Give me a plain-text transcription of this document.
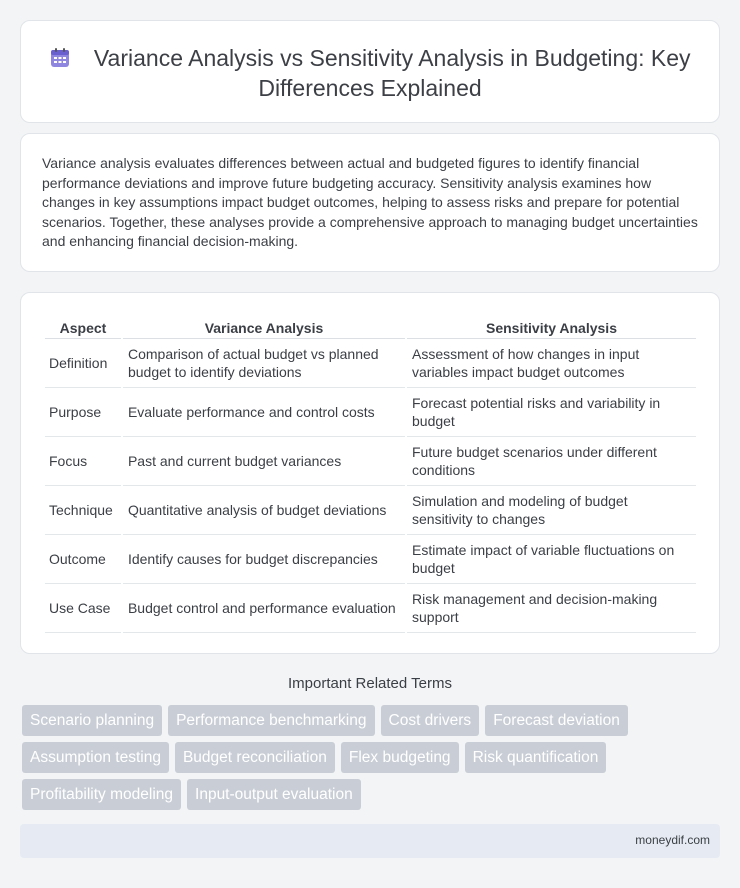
Variance Analysis vs Sensitivity Analysis in Budgeting: Key Differences Explained

Variance analysis evaluates differences between actual and budgeted figures to identify financial performance deviations and improve future budgeting accuracy. Sensitivity analysis examines how changes in key assumptions impact budget outcomes, helping to assess risks and prepare for potential scenarios. Together, these analyses provide a comprehensive approach to managing budget uncertainties and enhancing financial decision-making.

Aspect	Variance Analysis	Sensitivity Analysis
Definition	Comparison of actual budget vs planned budget to identify deviations	Assessment of how changes in input variables impact budget outcomes
Purpose	Evaluate performance and control costs	Forecast potential risks and variability in budget
Focus	Past and current budget variances	Future budget scenarios under different conditions
Technique	Quantitative analysis of budget deviations	Simulation and modeling of budget sensitivity to changes
Outcome	Identify causes for budget discrepancies	Estimate impact of variable fluctuations on budget
Use Case	Budget control and performance evaluation	Risk management and decision-making support
Important Related Terms
Scenario planning	Performance benchmarking	Cost drivers	Forecast deviation
Assumption testing	Budget reconciliation	Flex budgeting	Risk quantification
Profitability modeling	Input-output evaluation
moneydif.com
